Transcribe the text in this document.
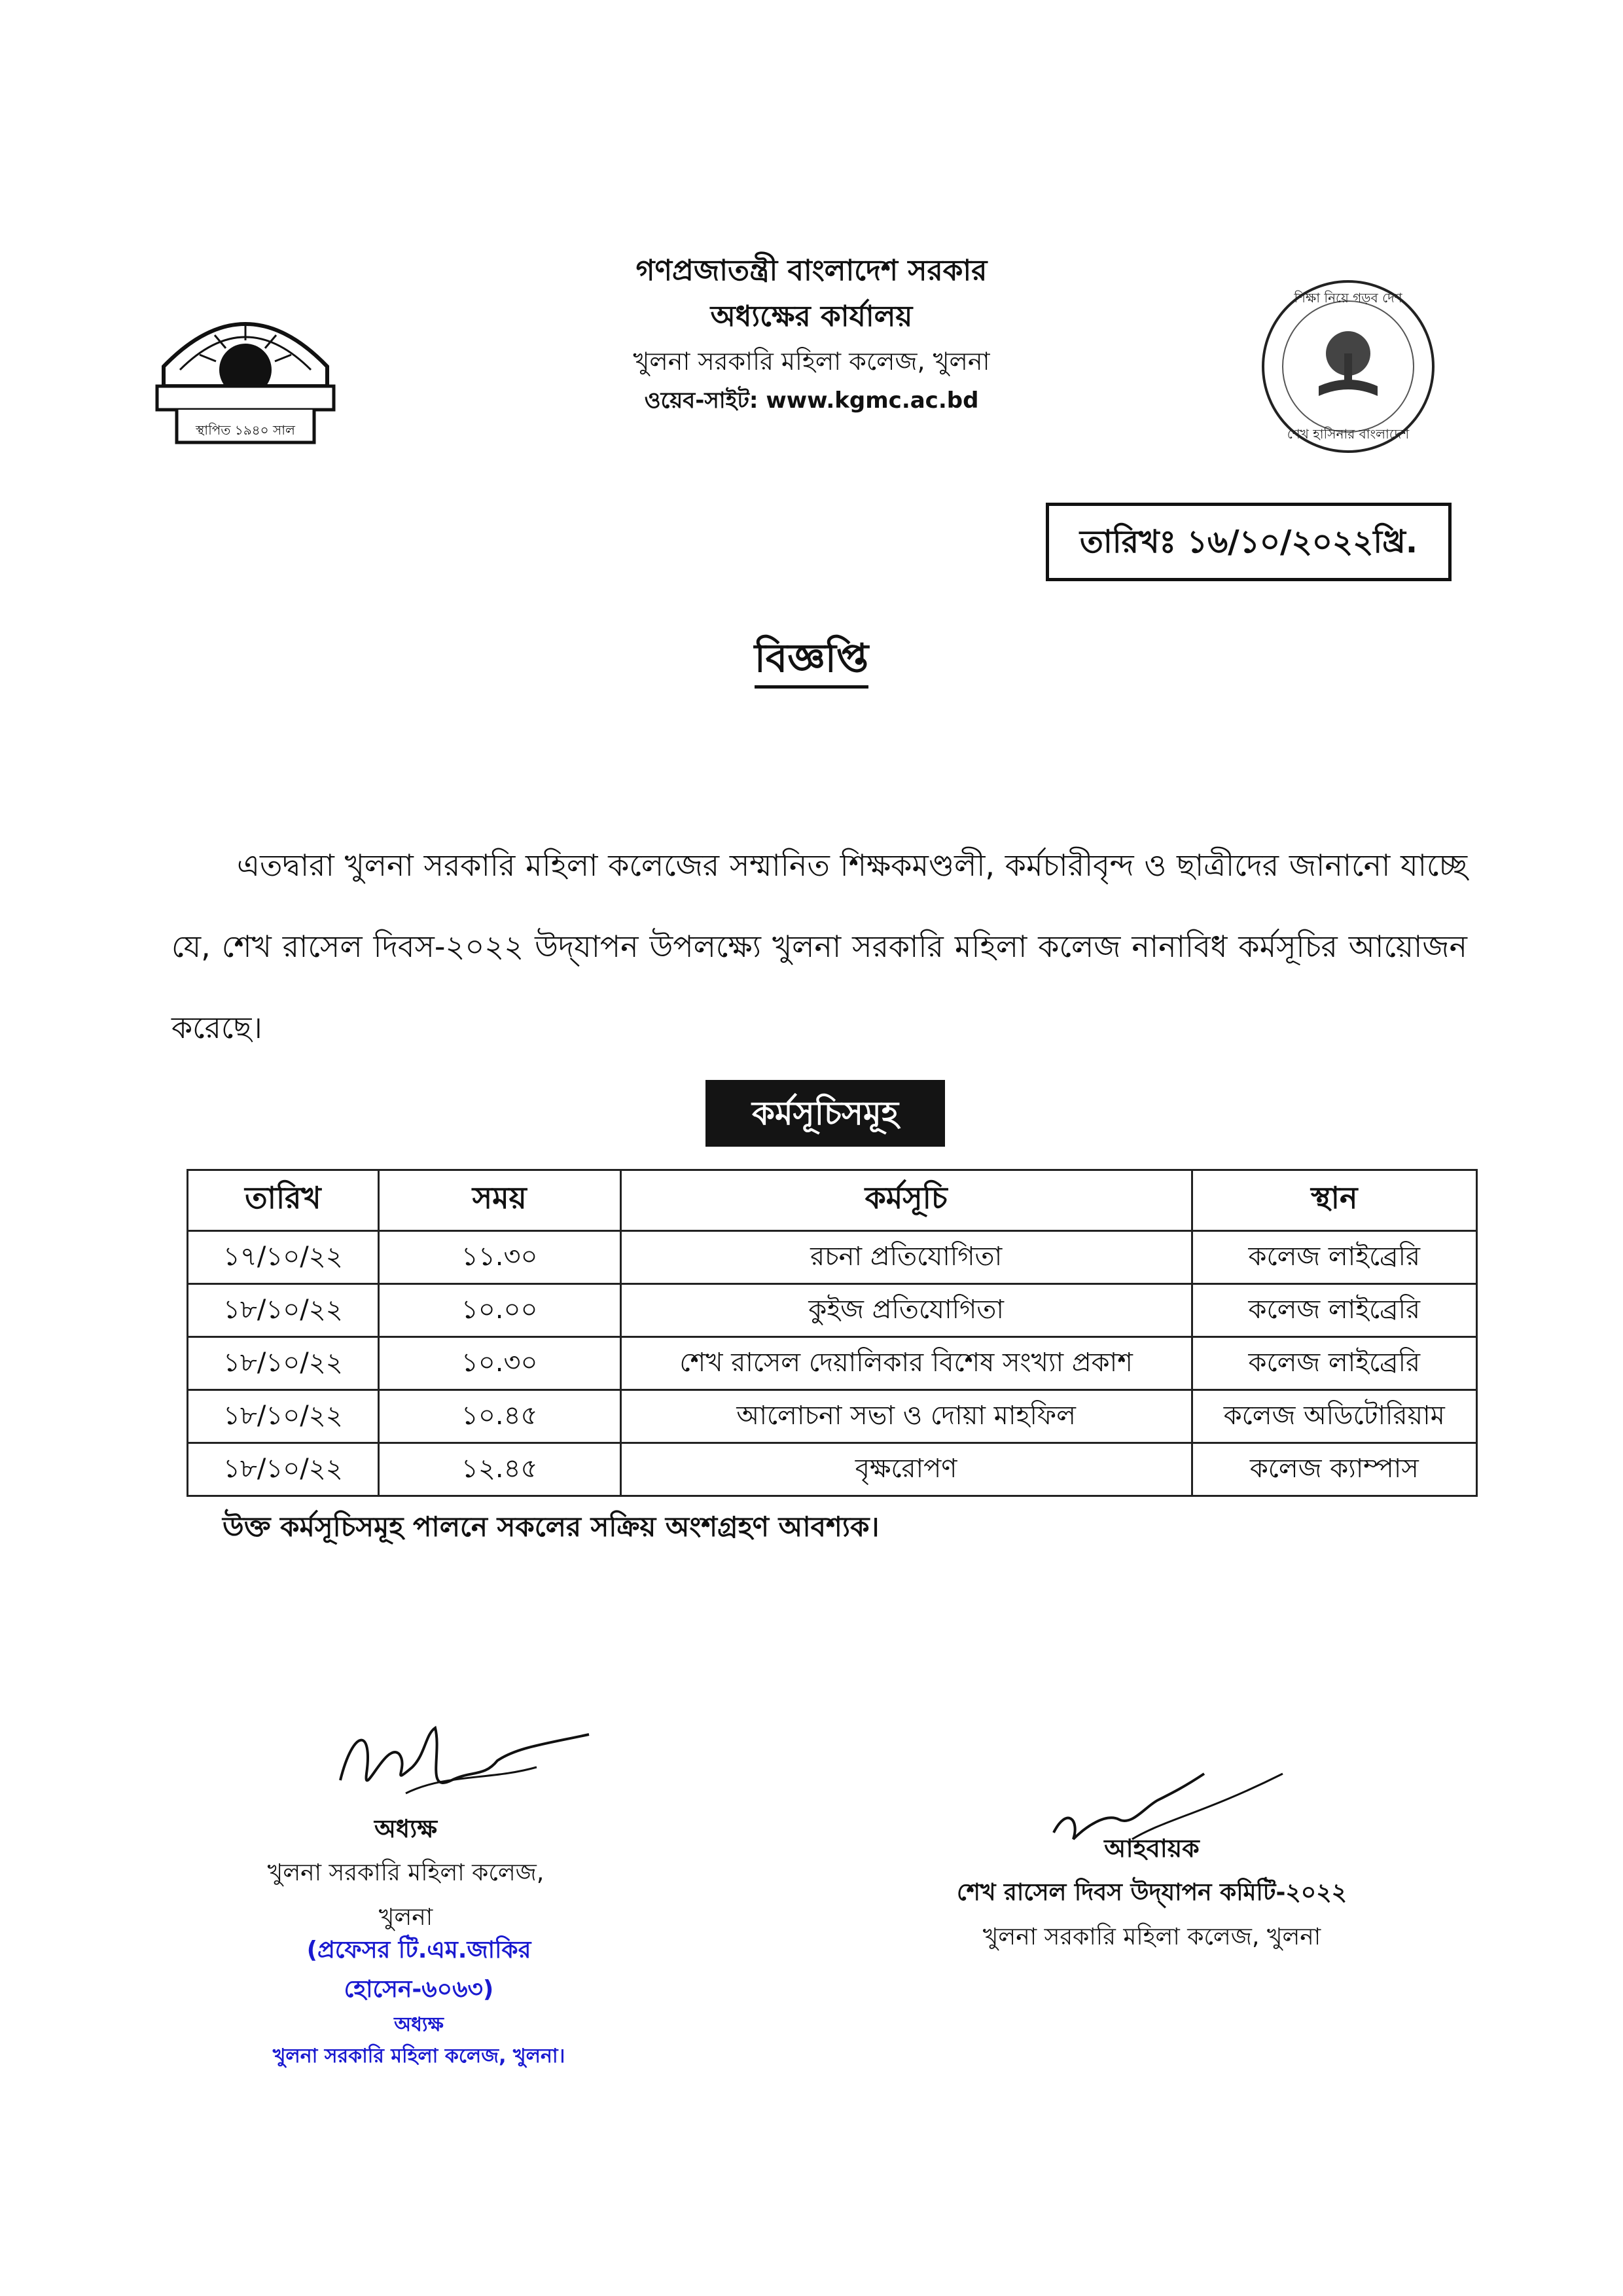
স্থাপিত ১৯৪০ সাল
শিক্ষা নিয়ে গড়ব দেশ
শেখ হাসিনার বাংলাদেশ
গণপ্রজাতন্ত্রী বাংলাদেশ সরকার
অধ্যক্ষের কার্যালয়
খুলনা সরকারি মহিলা কলেজ, খুলনা
ওয়েব-সাইট: www.kgmc.ac.bd
তারিখঃ ১৬/১০/২০২২খ্রি.
বিজ্ঞপ্তি

এতদ্বারা খুলনা সরকারি মহিলা কলেজের সম্মানিত শিক্ষকমণ্ডলী, কর্মচারীবৃন্দ ও ছাত্রীদের জানানো যাচ্ছে যে, শেখ রাসেল দিবস-২০২২ উদ্‌যাপন উপলক্ষ্যে খুলনা সরকারি মহিলা কলেজ নানাবিধ কর্মসূচির আয়োজন করেছে।

কর্মসূচিসমূহ
তারিখ	সময়	কর্মসূচি	স্থান
১৭/১০/২২	১১.৩০	রচনা প্রতিযোগিতা	কলেজ লাইব্রেরি
১৮/১০/২২	১০.০০	কুইজ প্রতিযোগিতা	কলেজ লাইব্রেরি
১৮/১০/২২	১০.৩০	শেখ রাসেল দেয়ালিকার বিশেষ সংখ্যা প্রকাশ	কলেজ লাইব্রেরি
১৮/১০/২২	১০.৪৫	আলোচনা সভা ও দোয়া মাহফিল	কলেজ অডিটোরিয়াম
১৮/১০/২২	১২.৪৫	বৃক্ষরোপণ	কলেজ ক্যাম্পাস
উক্ত কর্মসূচিসমূহ পালনে সকলের সক্রিয় অংশগ্রহণ আবশ্যক।
অধ্যক্ষ
খুলনা সরকারি মহিলা কলেজ,
খুলনা
(প্রফেসর টি.এম.জাকির হোসেন-৬০৬৩)
অধ্যক্ষ
খুলনা সরকারি মহিলা কলেজ, খুলনা।
আহবায়ক
শেখ রাসেল দিবস উদ্‌যাপন কমিটি-২০২২
খুলনা সরকারি মহিলা কলেজ, খুলনা
